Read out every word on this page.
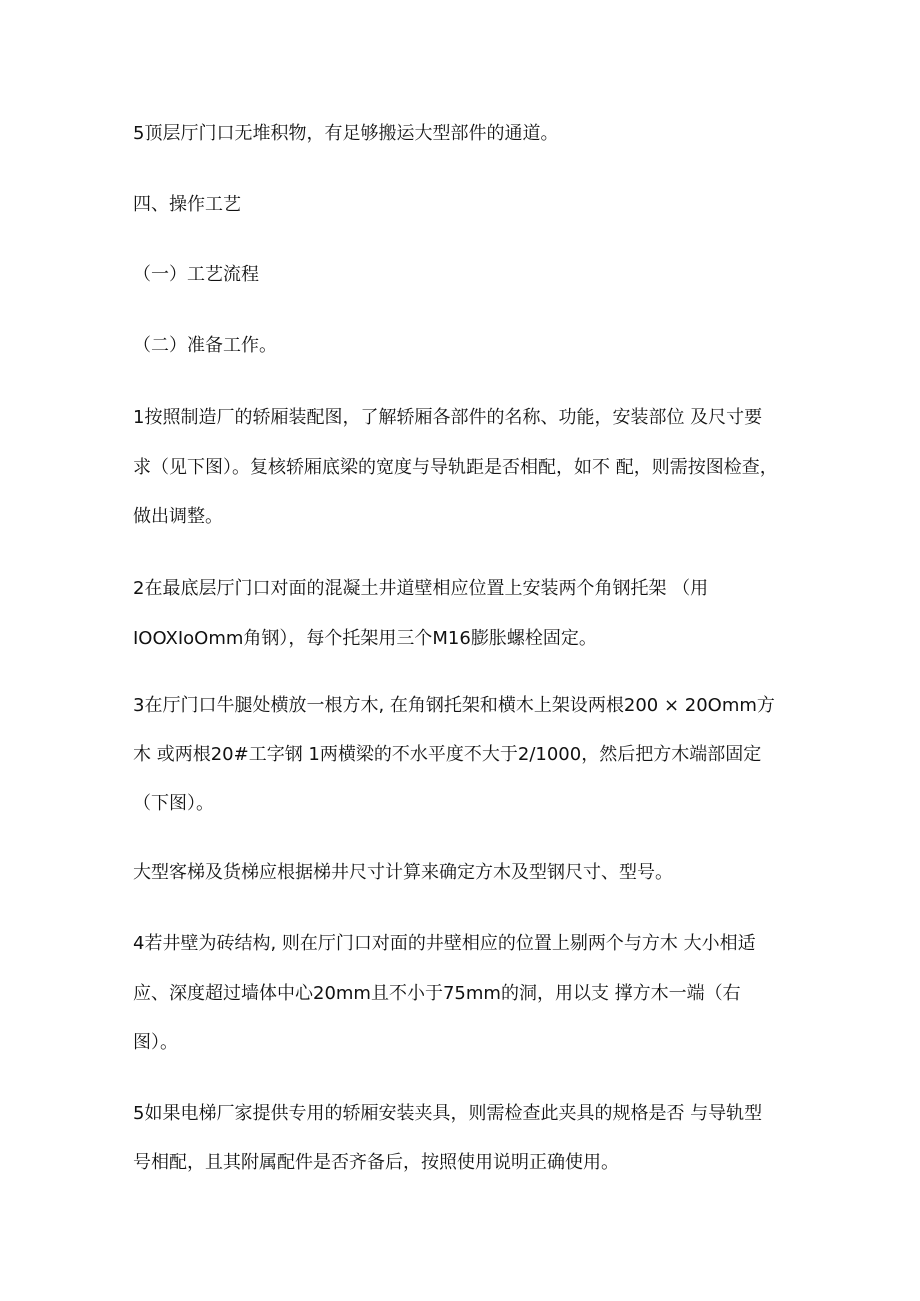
5顶层厅门口无堆积物，有足够搬运大型部件的通道。
四、操作工艺
（一）工艺流程
（二）准备工作。
1按照制造厂的轿厢装配图，了解轿厢各部件的名称、功能，安装部位 及尺寸要
求（见下图）。复核轿厢底梁的宽度与导轨距是否相配，如不 配，则需按图检查，
做出调整。
2在最底层厅门口对面的混凝土井道壁相应位置上安装两个角钢托架 （用
IOOXIoOmm角钢），每个托架用三个M16膨胀螺栓固定。
3在厅门口牛腿处横放一根方木, 在角钢托架和横木上架设两根200 × 20Omm方
木 或两根20#工字钢 1两横梁的不水平度不大于2/1000，然后把方木端部固定
（下图）。
大型客梯及货梯应根据梯井尺寸计算来确定方木及型钢尺寸、型号。
4若井壁为砖结构, 则在厅门口对面的井壁相应的位置上剔两个与方木 大小相适
应、深度超过墙体中心20mm且不小于75mm的洞，用以支 撑方木一端（右
图）。
5如果电梯厂家提供专用的轿厢安装夹具，则需检查此夹具的规格是否 与导轨型
号相配，且其附属配件是否齐备后，按照使用说明正确使用。
